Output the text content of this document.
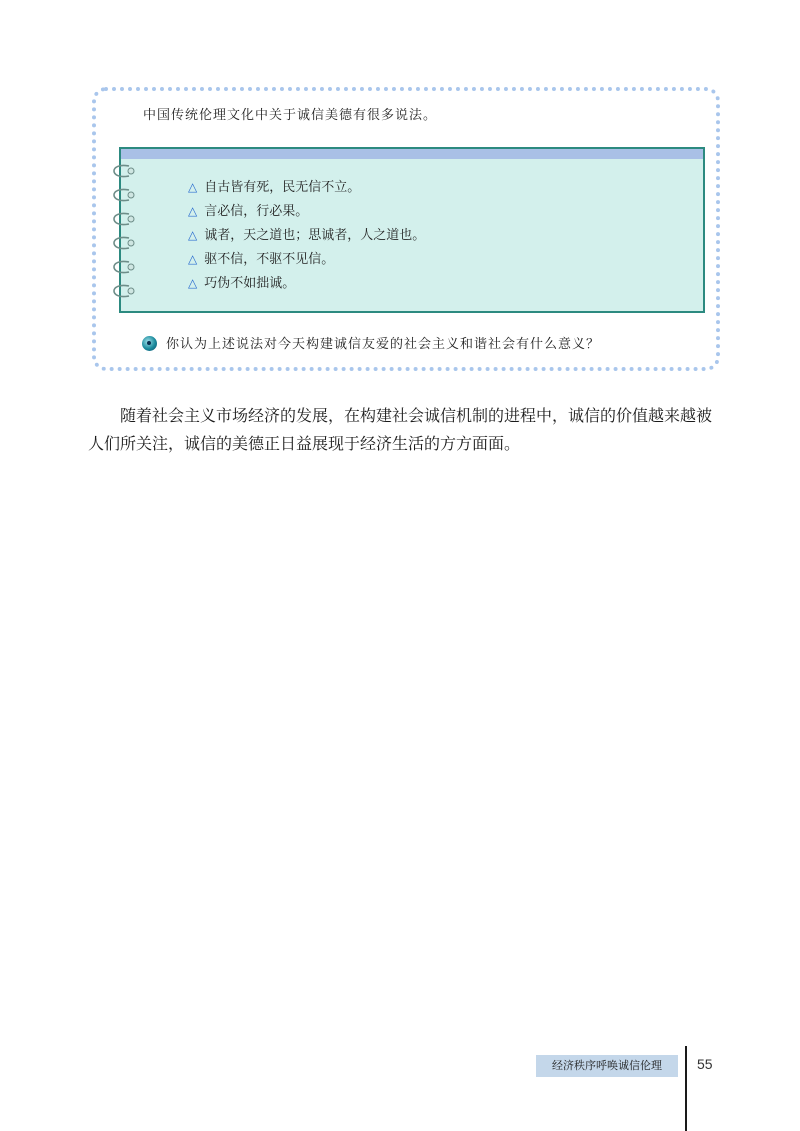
中国传统伦理文化中关于诚信美德有很多说法。
△ 自古皆有死，民无信不立。
△ 言必信，行必果。
△ 诚者，天之道也；思诚者，人之道也。
△ 驱不信，不驱不见信。
△ 巧伪不如拙诚。
你认为上述说法对今天构建诚信友爱的社会主义和谐社会有什么意义？

随着社会主义市场经济的发展，在构建社会诚信机制的进程中，诚信的价值越来越被人们所关注，诚信的美德正日益展现于经济生活的方方面面。

经济秩序呼唤诚信伦理	55
